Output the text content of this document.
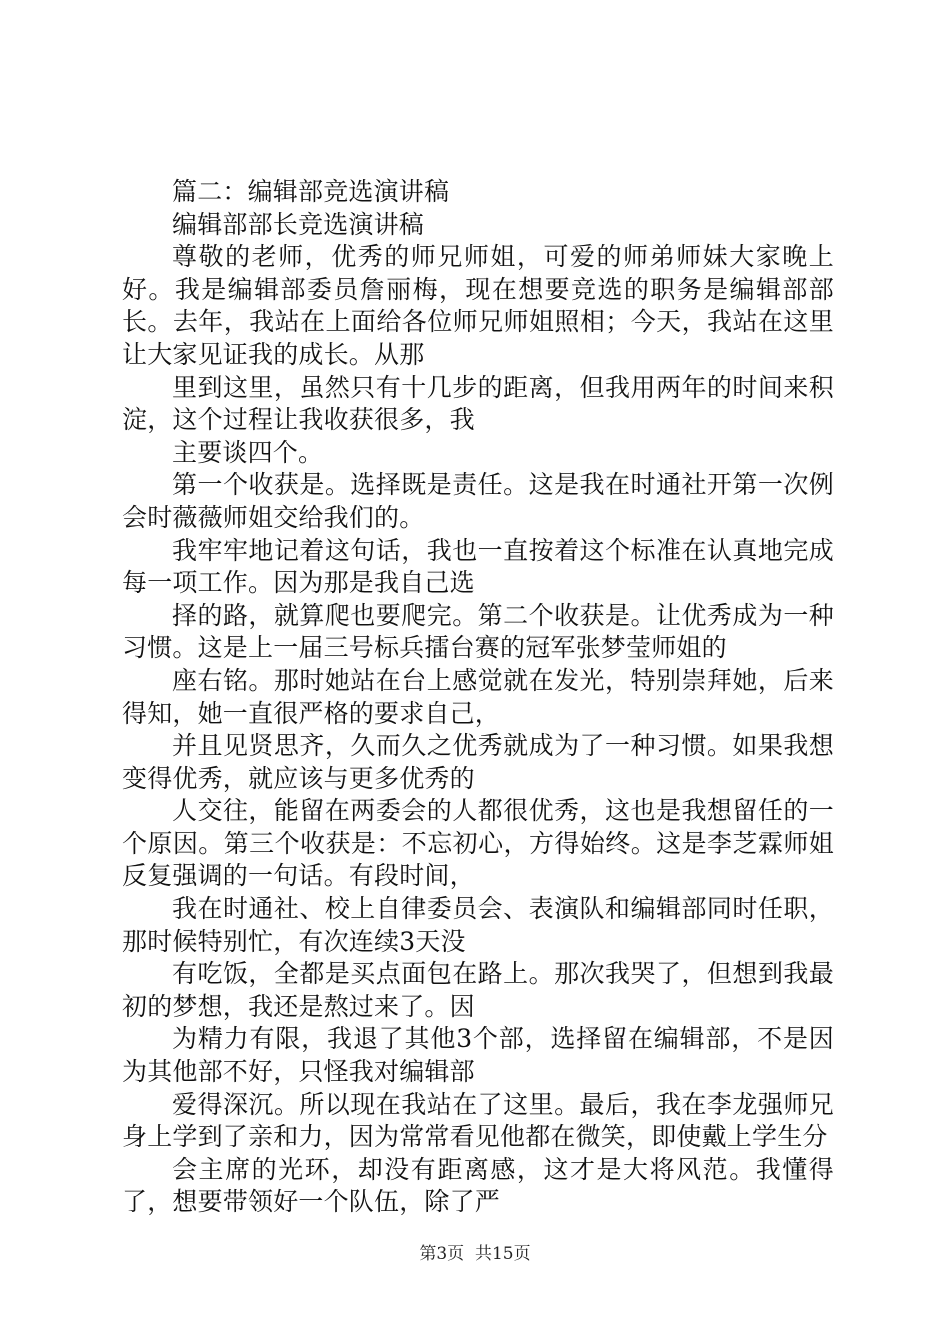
篇二：编辑部竞选演讲稿

编辑部部长竞选演讲稿

尊敬的老师，优秀的师兄师姐，可爱的师弟师妹大家晚上好。我是编辑部委员詹丽梅，现在想要竞选的职务是编辑部部长。去年，我站在上面给各位师兄师姐照相；今天，我站在这里让大家见证我的成长。从那

里到这里，虽然只有十几步的距离，但我用两年的时间来积淀，这个过程让我收获很多，我

主要谈四个。

第一个收获是。选择既是责任。这是我在时通社开第一次例会时薇薇师姐交给我们的。

我牢牢地记着这句话，我也一直按着这个标准在认真地完成每一项工作。因为那是我自己选

择的路，就算爬也要爬完。第二个收获是。让优秀成为一种习惯。这是上一届三号标兵擂台赛的冠军张梦莹师姐的

座右铭。那时她站在台上感觉就在发光，特别崇拜她，后来得知，她一直很严格的要求自己，

并且见贤思齐，久而久之优秀就成为了一种习惯。如果我想变得优秀，就应该与更多优秀的

人交往，能留在两委会的人都很优秀，这也是我想留任的一个原因。第三个收获是：不忘初心，方得始终。这是李芝霖师姐反复强调的一句话。有段时间，

我在时通社、校上自律委员会、表演队和编辑部同时任职，那时候特别忙，有次连续3天没

有吃饭，全都是买点面包在路上。那次我哭了，但想到我最初的梦想，我还是熬过来了。因

为精力有限，我退了其他3个部，选择留在编辑部，不是因为其他部不好，只怪我对编辑部

爱得深沉。所以现在我站在了这里。最后，我在李龙强师兄身上学到了亲和力，因为常常看见他都在微笑，即使戴上学生分

会主席的光环，却没有距离感，这才是大将风范。我懂得了，想要带领好一个队伍，除了严

第3页  共15页
